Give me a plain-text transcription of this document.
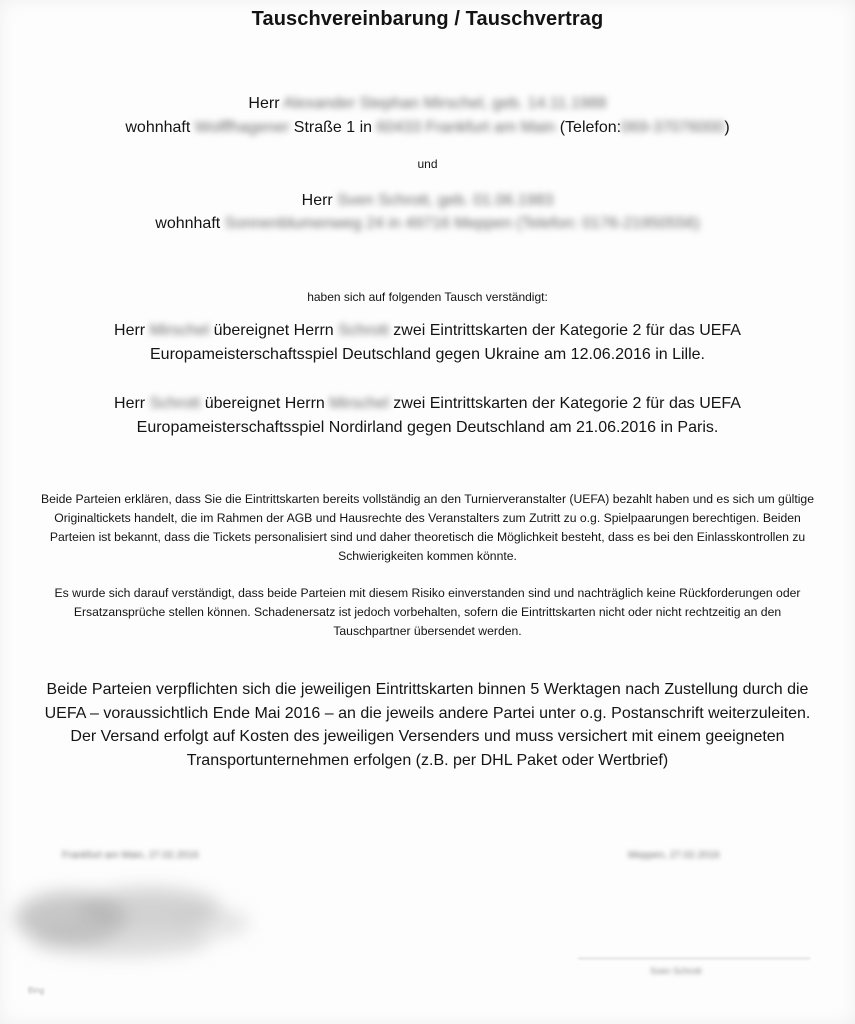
Tauschvereinbarung / Tauschvertrag
Herr Alexander Stephan Mirschel, geb. 14.11.1988
wohnhaft Wolffhagener Straße 1 in 60433 Frankfurt am Main (Telefon:069-37076000)
und
Herr Sven Schrott, geb. 01.06.1983
wohnhaft Sonnenblumenweg 24 in 49716 Meppen (Telefon: 0176-21950556)
haben sich auf folgenden Tausch verständigt:
Herr Mirschel übereignet Herrn Schrott zwei Eintrittskarten der Kategorie 2 für das UEFA
Europameisterschaftsspiel Deutschland gegen Ukraine am 12.06.2016 in Lille.
Herr Schrott übereignet Herrn Mirschel zwei Eintrittskarten der Kategorie 2 für das UEFA
Europameisterschaftsspiel Nordirland gegen Deutschland am 21.06.2016 in Paris.
Beide Parteien erklären, dass Sie die Eintrittskarten bereits vollständig an den Turnierveranstalter (UEFA) bezahlt haben und es sich um gültige Originaltickets handelt, die im Rahmen der AGB und Hausrechte des Veranstalters zum Zutritt zu o.g. Spielpaarungen berechtigen. Beiden Parteien ist bekannt, dass die Tickets personalisiert sind und daher theoretisch die Möglichkeit besteht, dass es bei den Einlasskontrollen zu Schwierigkeiten kommen könnte.
Es wurde sich darauf verständigt, dass beide Parteien mit diesem Risiko einverstanden sind und nachträglich keine Rückforderungen oder Ersatzansprüche stellen können. Schadenersatz ist jedoch vorbehalten, sofern die Eintrittskarten nicht oder nicht rechtzeitig an den Tauschpartner übersendet werden.
Beide Parteien verpflichten sich die jeweiligen Eintrittskarten binnen 5 Werktagen nach Zustellung durch die UEFA – voraussichtlich Ende Mai 2016 – an die jeweils andere Partei unter o.g. Postanschrift weiterzuleiten. Der Versand erfolgt auf Kosten des jeweiligen Versenders und muss versichert mit einem geeigneten Transportunternehmen erfolgen (z.B. per DHL Paket oder Wertbrief)
Frankfurt am Main, 27.02.2016	Meppen, 27.02.2016
Sven Schrott
Bing
